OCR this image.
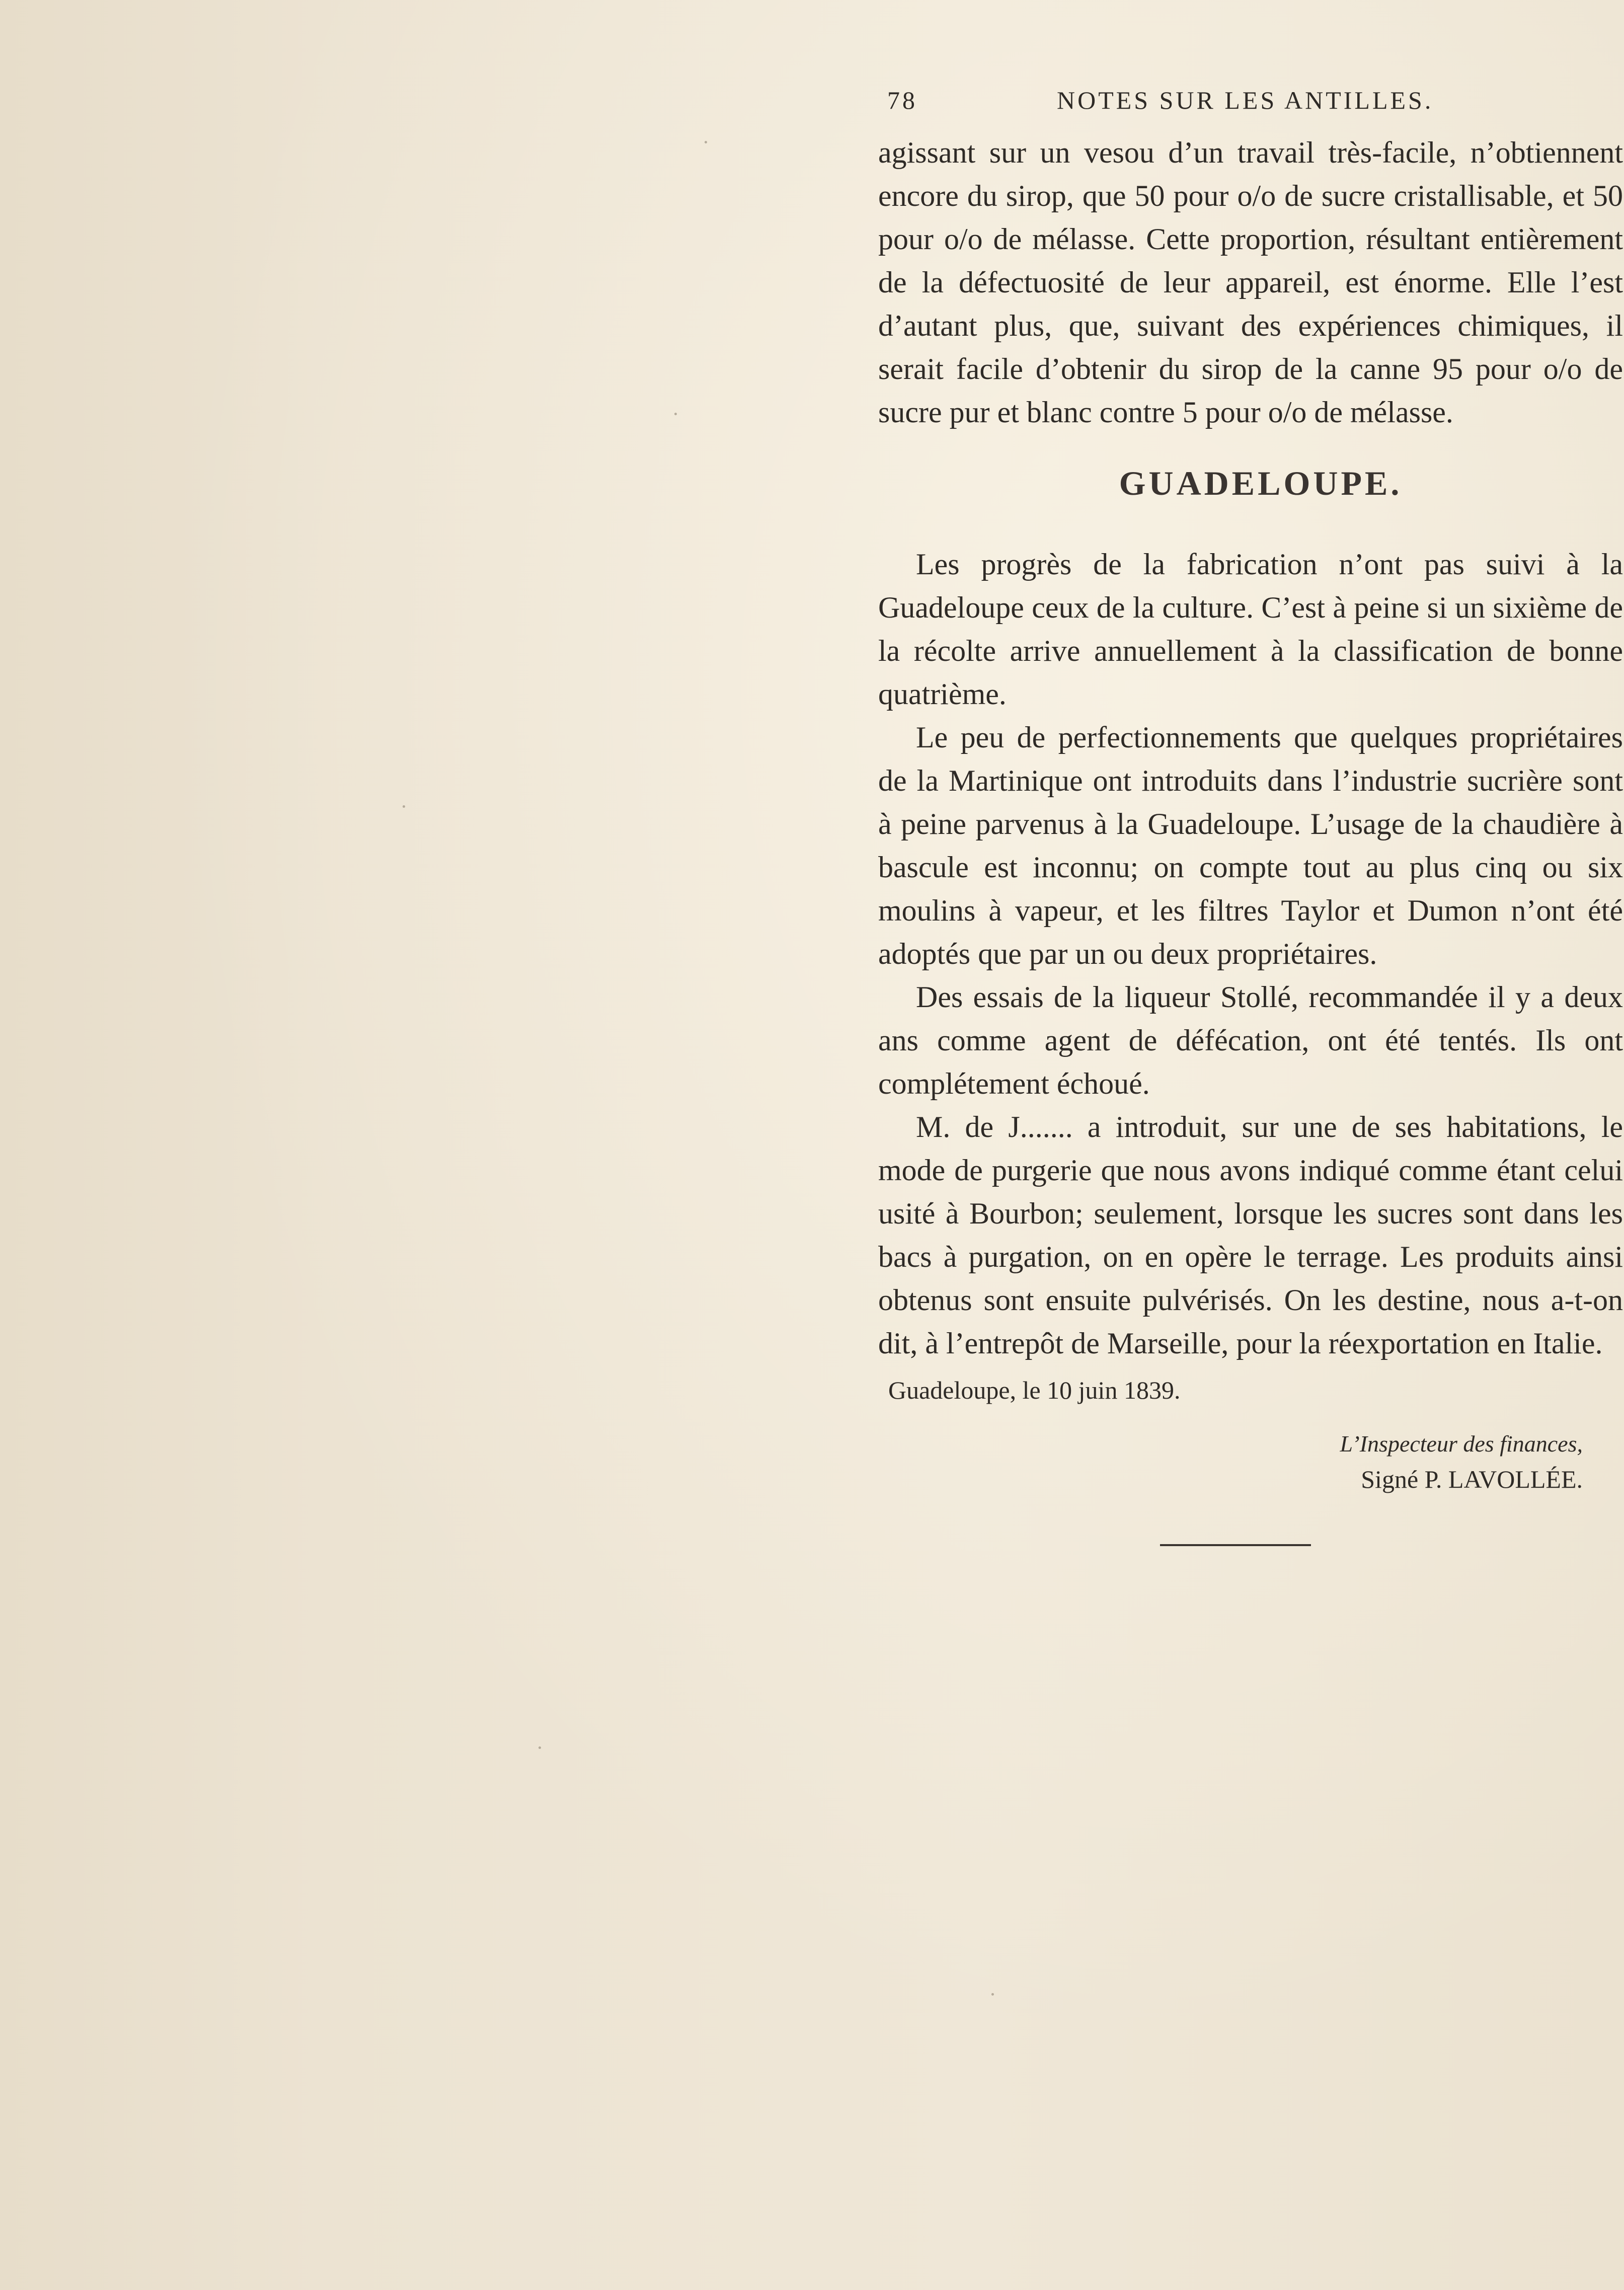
78	NOTES SUR LES ANTILLES.

agissant sur un vesou d’un travail très-facile, n’obtiennent encore du sirop, que 50 pour o/o de sucre cristallisable, et 50 pour o/o de mélasse. Cette proportion, résultant entièrement de la défectuosité de leur appareil, est énorme. Elle l’est d’autant plus, que, suivant des expériences chimiques, il serait facile d’obtenir du sirop de la canne 95 pour o/o de sucre pur et blanc contre 5 pour o/o de mélasse.

GUADELOUPE.

Les progrès de la fabrication n’ont pas suivi à la Guadeloupe ceux de la culture. C’est à peine si un sixième de la récolte arrive annuellement à la classification de bonne quatrième.

Le peu de perfectionnements que quelques propriétaires de la Martinique ont introduits dans l’industrie sucrière sont à peine parvenus à la Guadeloupe. L’usage de la chaudière à bascule est inconnu; on compte tout au plus cinq ou six moulins à vapeur, et les filtres Taylor et Dumon n’ont été adoptés que par un ou deux propriétaires.

Des essais de la liqueur Stollé, recommandée il y a deux ans comme agent de défécation, ont été tentés. Ils ont complétement échoué.

M. de J....... a introduit, sur une de ses habitations, le mode de purgerie que nous avons indiqué comme étant celui usité à Bourbon; seulement, lorsque les sucres sont dans les bacs à purgation, on en opère le terrage. Les produits ainsi obtenus sont ensuite pulvérisés. On les destine, nous a-t-on dit, à l’entrepôt de Marseille, pour la réexportation en Italie.

Guadeloupe, le 10 juin 1839.
L’Inspecteur des finances,
Signé P. LAVOLLÉE.
